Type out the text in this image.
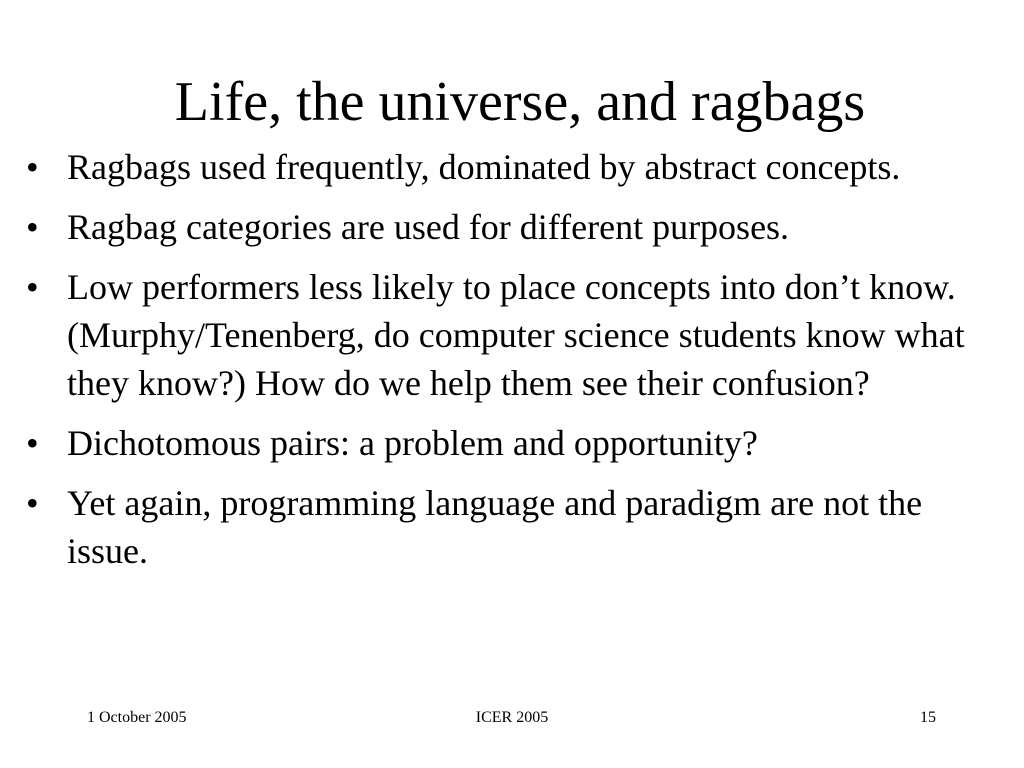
Life, the universe, and ragbags
• Ragbags used frequently, dominated by abstract concepts.
• Ragbag categories are used for different purposes.
• Low performers less likely to place concepts into don’t know. (Murphy/Tenenberg, do computer science students know what they know?) How do we help them see their confusion?
• Dichotomous pairs: a problem and opportunity?
• Yet again, programming language and paradigm are not the issue.
1 October 2005	ICER 2005	15
